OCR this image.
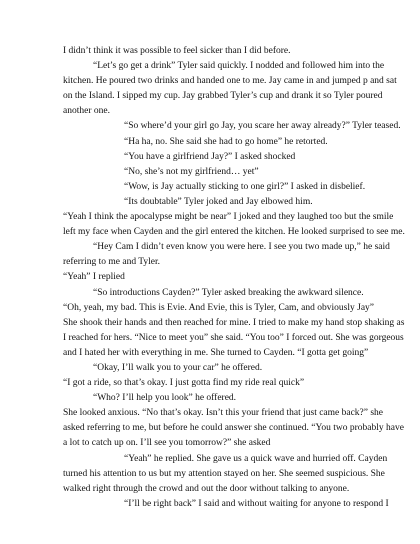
I didn’t think it was possible to feel sicker than I did before.
“Let’s go get a drink” Tyler said quickly. I nodded and followed him into the
kitchen. He poured two drinks and handed one to me. Jay came in and jumped p and sat
on the Island. I sipped my cup. Jay grabbed Tyler’s cup and drank it so Tyler poured
another one.
“So where’d your girl go Jay, you scare her away already?” Tyler teased.
“Ha ha, no. She said she had to go home” he retorted.
“You have a girlfriend Jay?” I asked shocked
“No, she’s not my girlfriend… yet”
“Wow, is Jay actually sticking to one girl?” I asked in disbelief.
“Its doubtable” Tyler joked and Jay elbowed him.
“Yeah I think the apocalypse might be near” I joked and they laughed too but the smile
left my face when Cayden and the girl entered the kitchen. He looked surprised to see me.
“Hey Cam I didn’t even know you were here. I see you two made up,” he said
referring to me and Tyler.
“Yeah” I replied
“So introductions Cayden?” Tyler asked breaking the awkward silence.
“Oh, yeah, my bad. This is Evie. And Evie, this is Tyler, Cam, and obviously Jay”
She shook their hands and then reached for mine. I tried to make my hand stop shaking as
I reached for hers. “Nice to meet you” she said. “You too” I forced out. She was gorgeous
and I hated her with everything in me. She turned to Cayden. “I gotta get going”
“Okay, I’ll walk you to your car” he offered.
“I got a ride, so that’s okay. I just gotta find my ride real quick”
“Who? I’ll help you look” he offered.
She looked anxious. “No that’s okay. Isn’t this your friend that just came back?” she
asked referring to me, but before he could answer she continued. “You two probably have
a lot to catch up on. I’ll see you tomorrow?” she asked
“Yeah” he replied. She gave us a quick wave and hurried off. Cayden
turned his attention to us but my attention stayed on her. She seemed suspicious. She
walked right through the crowd and out the door without talking to anyone.
“I’ll be right back” I said and without waiting for anyone to respond I
